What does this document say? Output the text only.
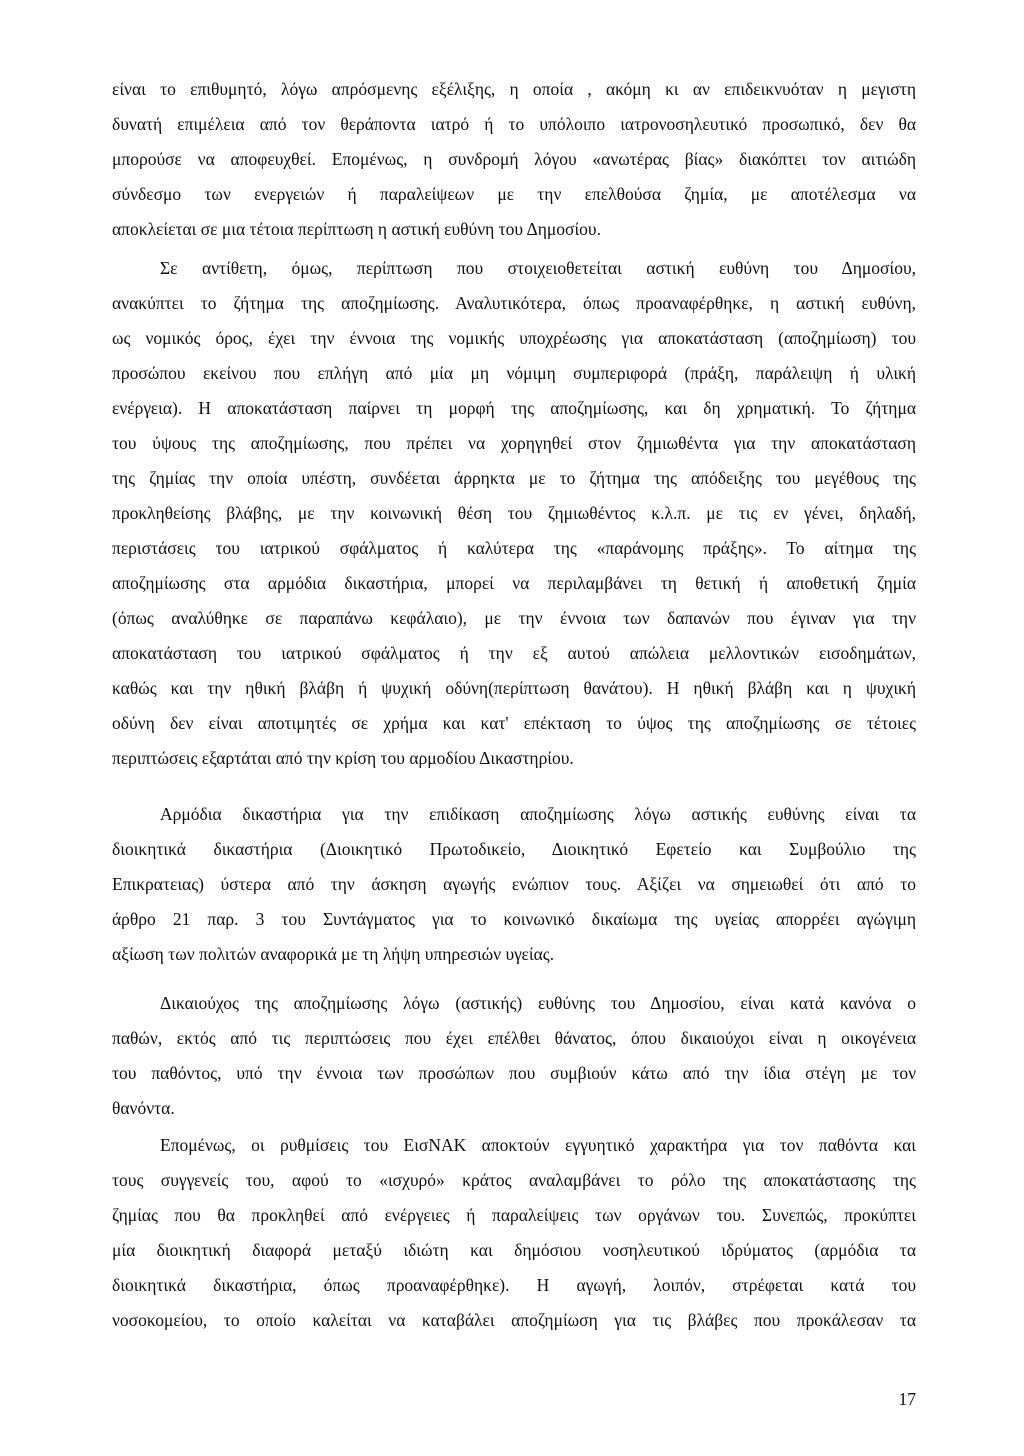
είναι το επιθυμητό, λόγω απρόσμενης εξέλιξης, η οποία , ακόμη κι αν επιδεικνυόταν η μεγιστη
δυνατή επιμέλεια από τον θεράποντα ιατρό ή το υπόλοιπο ιατρονοσηλευτικό προσωπικό, δεν θα
μπορούσε να αποφευχθεί. Επομένως, η συνδρομή λόγου «ανωτέρας βίας» διακόπτει τον αιτιώδη
σύνδεσμο των ενεργειών ή παραλείψεων με την επελθούσα ζημία, με αποτέλεσμα να
αποκλείεται σε μια τέτοια περίπτωση η αστική ευθύνη του Δημοσίου.
Σε αντίθετη, όμως, περίπτωση που στοιχειοθετείται αστική ευθύνη του Δημοσίου,
ανακύπτει το ζήτημα της αποζημίωσης. Αναλυτικότερα, όπως προαναφέρθηκε, η αστική ευθύνη,
ως νομικός όρος, έχει την έννοια της νομικής υποχρέωσης για αποκατάσταση (αποζημίωση) του
προσώπου εκείνου που επλήγη από μία μη νόμιμη συμπεριφορά (πράξη, παράλειψη ή υλική
ενέργεια). Η αποκατάσταση παίρνει τη μορφή της αποζημίωσης, και δη χρηματική. Το ζήτημα
του ύψους της αποζημίωσης, που πρέπει να χορηγηθεί στον ζημιωθέντα για την αποκατάσταση
της ζημίας την οποία υπέστη, συνδέεται άρρηκτα με το ζήτημα της απόδειξης του μεγέθους της
προκληθείσης βλάβης, με την κοινωνική θέση του ζημιωθέντος κ.λ.π. με τις εν γένει, δηλαδή,
περιστάσεις του ιατρικού σφάλματος ή καλύτερα της «παράνομης πράξης». Το αίτημα της
αποζημίωσης στα αρμόδια δικαστήρια, μπορεί να περιλαμβάνει τη θετική ή αποθετική ζημία
(όπως αναλύθηκε σε παραπάνω κεφάλαιο), με την έννοια των δαπανών που έγιναν για την
αποκατάσταση του ιατρικού σφάλματος ή την εξ αυτού απώλεια μελλοντικών εισοδημάτων,
καθώς και την ηθική βλάβη ή ψυχική οδύνη(περίπτωση θανάτου). Η ηθική βλάβη και η ψυχική
οδύνη δεν είναι αποτιμητές σε χρήμα και κατ' επέκταση το ύψος της αποζημίωσης σε τέτοιες
περιπτώσεις εξαρτάται από την κρίση του αρμοδίου Δικαστηρίου.
Αρμόδια δικαστήρια για την επιδίκαση αποζημίωσης λόγω αστικής ευθύνης είναι τα
διοικητικά δικαστήρια (Διοικητικό Πρωτοδικείο, Διοικητικό Εφετείο και Συμβούλιο της
Επικρατειας) ύστερα από την άσκηση αγωγής ενώπιον τους. Αξίζει να σημειωθεί ότι από το
άρθρο 21 παρ. 3 του Συντάγματος για το κοινωνικό δικαίωμα της υγείας απορρέει αγώγιμη
αξίωση των πολιτών αναφορικά με τη λήψη υπηρεσιών υγείας.
Δικαιούχος της αποζημίωσης λόγω (αστικής) ευθύνης του Δημοσίου, είναι κατά κανόνα ο
παθών, εκτός από τις περιπτώσεις που έχει επέλθει θάνατος, όπου δικαιούχοι είναι η οικογένεια
του παθόντος, υπό την έννοια των προσώπων που συμβιούν κάτω από την ίδια στέγη με τον
θανόντα.
Επομένως, οι ρυθμίσεις του ΕισΝΑΚ αποκτούν εγγυητικό χαρακτήρα για τον παθόντα και
τους συγγενείς του, αφού το «ισχυρό» κράτος αναλαμβάνει το ρόλο της αποκατάστασης της
ζημίας που θα προκληθεί από ενέργειες ή παραλείψεις των οργάνων του. Συνεπώς, προκύπτει
μία διοικητική διαφορά μεταξύ ιδιώτη και δημόσιου νοσηλευτικού ιδρύματος (αρμόδια τα
διοικητικά δικαστήρια, όπως προαναφέρθηκε). Η αγωγή, λοιπόν, στρέφεται κατά του
νοσοκομείου, το οποίο καλείται να καταβάλει αποζημίωση για τις βλάβες που προκάλεσαν τα
17
